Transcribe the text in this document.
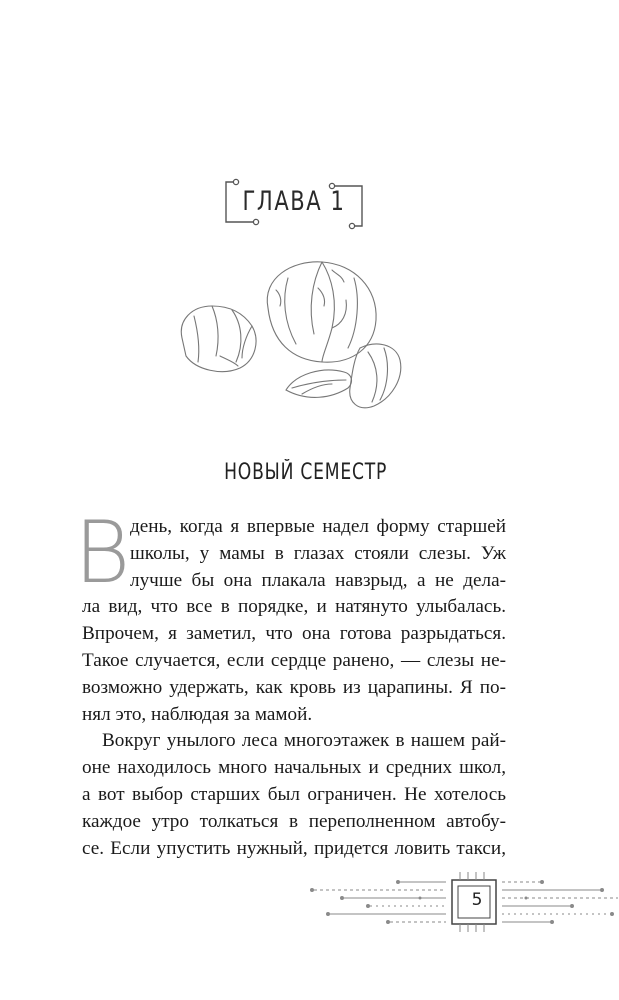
ГЛАВА 1
НОВЫЙ СЕМЕСТР
В день, когда я впервые надел форму старшей
школы, у мамы в глазах стояли слезы. Уж
лучше бы она плакала навзрыд, а не дела-
ла вид, что все в порядке, и натянуто улыбалась.
Впрочем, я заметил, что она готова разрыдаться.
Такое случается, если сердце ранено, — слезы не-
возможно удержать, как кровь из царапины. Я по-
нял это, наблюдая за мамой.
Вокруг унылого леса многоэтажек в нашем рай-
оне находилось много начальных и средних школ,
а вот выбор старших был ограничен. Не хотелось
каждое утро толкаться в переполненном автобу-
се. Если упустить нужный, придется ловить такси,
5
